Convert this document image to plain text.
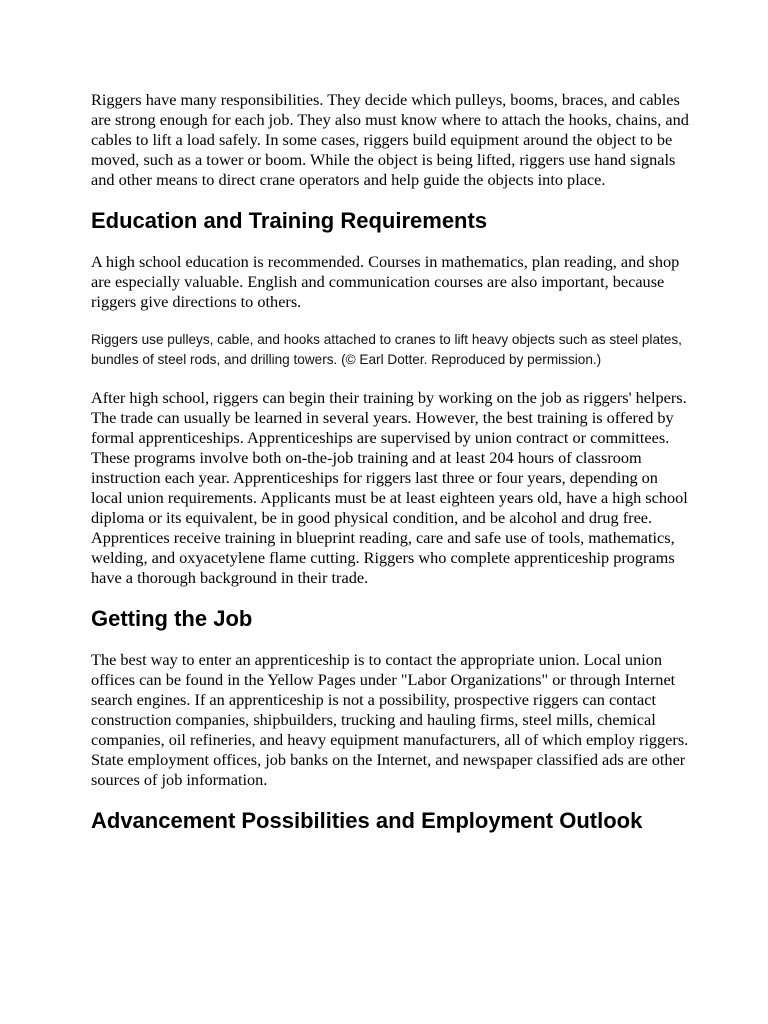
Riggers have many responsibilities. They decide which pulleys, booms, braces, and cables are strong enough for each job. They also must know where to attach the hooks, chains, and cables to lift a load safely. In some cases, riggers build equipment around the object to be moved, such as a tower or boom. While the object is being lifted, riggers use hand signals and other means to direct crane operators and help guide the objects into place.

Education and Training Requirements

A high school education is recommended. Courses in mathematics, plan reading, and shop are especially valuable. English and communication courses are also important, because riggers give directions to others.

Riggers use pulleys, cable, and hooks attached to cranes to lift heavy objects such as steel plates, bundles of steel rods, and drilling towers. (© Earl Dotter. Reproduced by permission.)

After high school, riggers can begin their training by working on the job as riggers' helpers. The trade can usually be learned in several years. However, the best training is offered by formal apprenticeships. Apprenticeships are supervised by union contract or committees. These programs involve both on-the-job training and at least 204 hours of classroom instruction each year. Apprenticeships for riggers last three or four years, depending on local union requirements. Applicants must be at least eighteen years old, have a high school diploma or its equivalent, be in good physical condition, and be alcohol and drug free. Apprentices receive training in blueprint reading, care and safe use of tools, mathematics, welding, and oxyacetylene flame cutting. Riggers who complete apprenticeship programs have a thorough background in their trade.

Getting the Job

The best way to enter an apprenticeship is to contact the appropriate union. Local union offices can be found in the Yellow Pages under "Labor Organizations" or through Internet search engines. If an apprenticeship is not a possibility, prospective riggers can contact construction companies, shipbuilders, trucking and hauling firms, steel mills, chemical companies, oil refineries, and heavy equipment manufacturers, all of which employ riggers. State employment offices, job banks on the Internet, and newspaper classified ads are other sources of job information.

Advancement Possibilities and Employment Outlook
